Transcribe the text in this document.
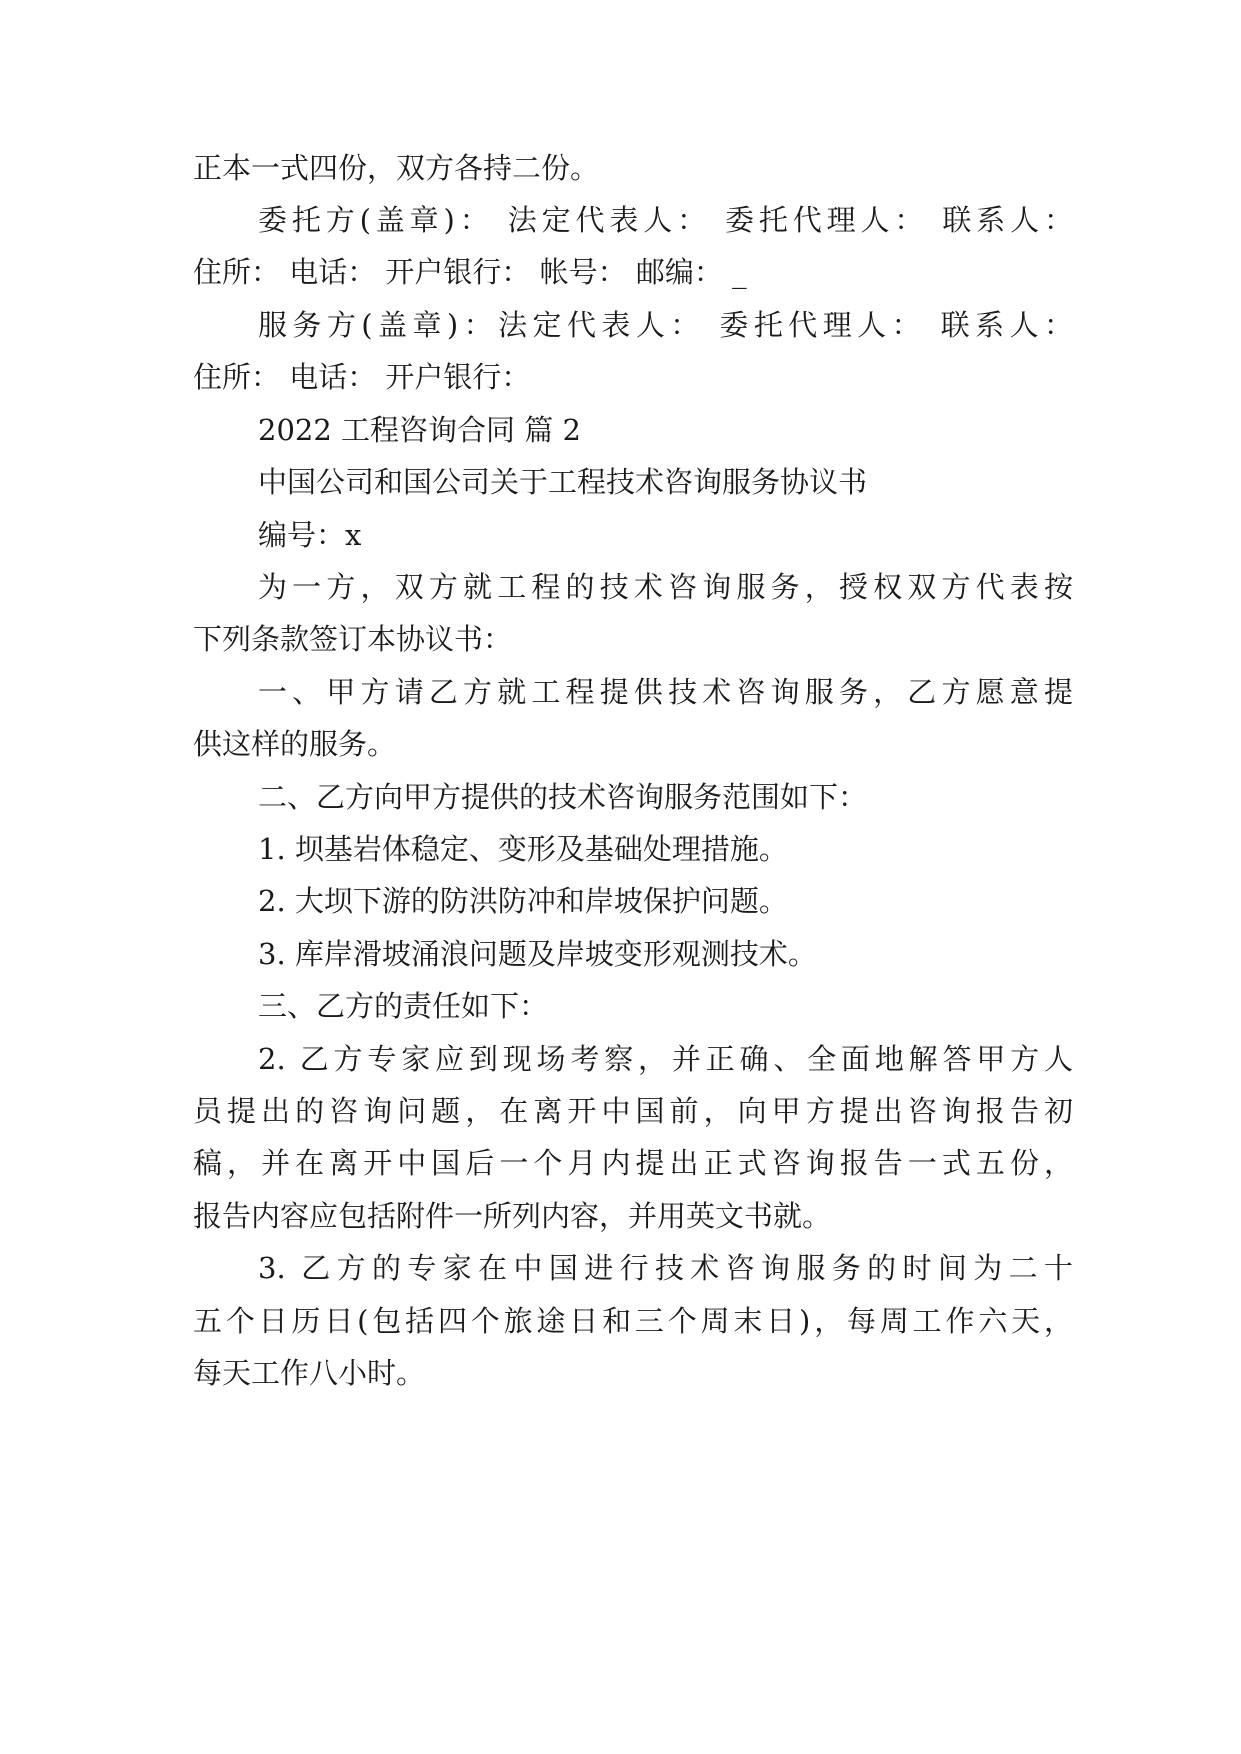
正本一式四份，双方各持二份。
委托方(盖章)： 法定代表人： 委托代理人： 联系人：
住所： 电话： 开户银行： 帐号： 邮编： _
服务方(盖章)：法定代表人： 委托代理人： 联系人：
住所： 电话： 开户银行：
2022 工程咨询合同 篇 2
中国公司和国公司关于工程技术咨询服务协议书
编号：x
为一方，双方就工程的技术咨询服务，授权双方代表按
下列条款签订本协议书：
一、甲方请乙方就工程提供技术咨询服务，乙方愿意提
供这样的服务。
二、乙方向甲方提供的技术咨询服务范围如下：
1. 坝基岩体稳定、变形及基础处理措施。
2. 大坝下游的防洪防冲和岸坡保护问题。
3. 库岸滑坡涌浪问题及岸坡变形观测技术。
三、乙方的责任如下：
2. 乙方专家应到现场考察，并正确、全面地解答甲方人
员提出的咨询问题，在离开中国前，向甲方提出咨询报告初
稿，并在离开中国后一个月内提出正式咨询报告一式五份，
报告内容应包括附件一所列内容，并用英文书就。
3. 乙方的专家在中国进行技术咨询服务的时间为二十
五个日历日(包括四个旅途日和三个周末日)，每周工作六天，
每天工作八小时。
